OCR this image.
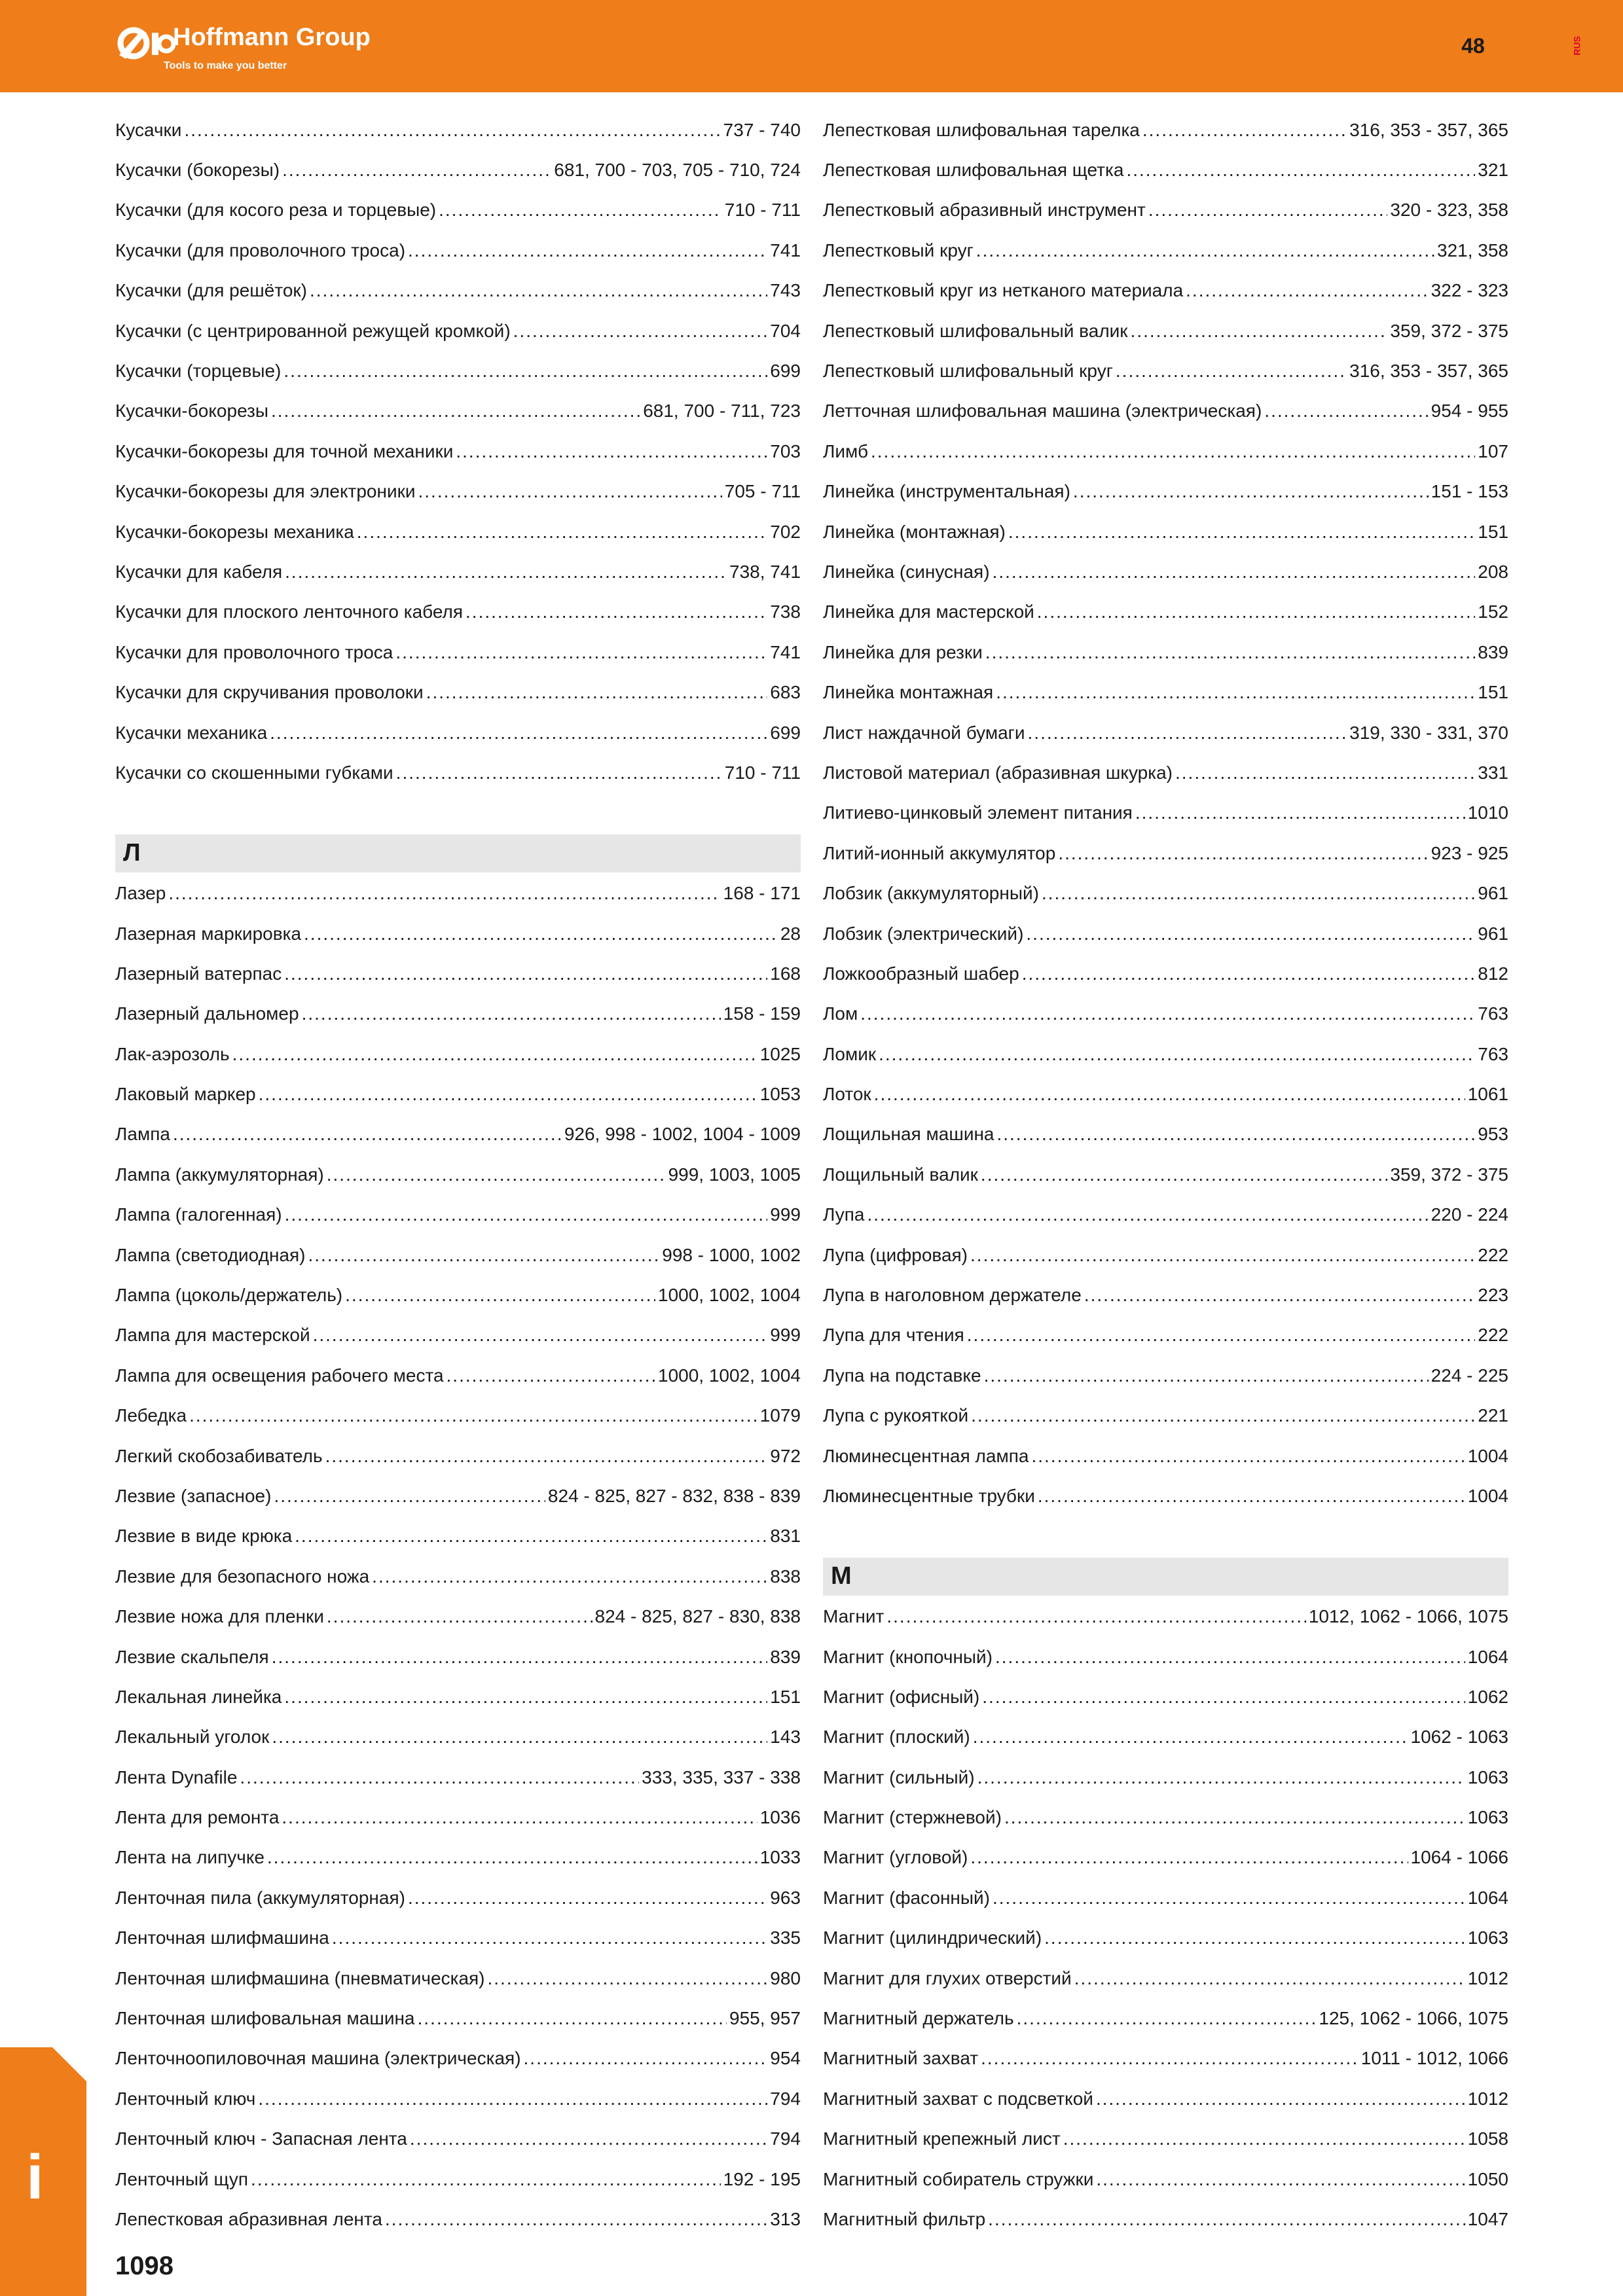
Hoffmann Group
Tools to make you better
48	RUS
Кусачки .....	737 - 740
Кусачки (бокорезы) .....	681, 700 - 703, 705 - 710, 724
Кусачки (для косого реза и торцевые) .....	710 - 711
Кусачки (для проволочного троса) .....	741
Кусачки (для решёток) .....	743
Кусачки (с центрированной режущей кромкой) .....	704
Кусачки (торцевые) .....	699
Кусачки-бокорезы .....	681, 700 - 711, 723
Кусачки-бокорезы для точной механики .....	703
Кусачки-бокорезы для электроники .....	705 - 711
Кусачки-бокорезы механика .....	702
Кусачки для кабеля .....	738, 741
Кусачки для плоского ленточного кабеля .....	738
Кусачки для проволочного троса .....	741
Кусачки для скручивания проволоки .....	683
Кусачки механика .....	699
Кусачки со скошенными губками .....	710 - 711
Л
Лазер .....	168 - 171
Лазерная маркировка .....	28
Лазерный ватерпас .....	168
Лазерный дальномер .....	158 - 159
Лак-аэрозоль .....	1025
Лаковый маркер .....	1053
Лампа .....	926, 998 - 1002, 1004 - 1009
Лампа (аккумуляторная) .....	999, 1003, 1005
Лампа (галогенная) .....	999
Лампа (светодиодная) .....	998 - 1000, 1002
Лампа (цоколь/держатель) .....	1000, 1002, 1004
Лампа для мастерской .....	999
Лампа для освещения рабочего места .....	1000, 1002, 1004
Лебедка .....	1079
Легкий скобозабиватель .....	972
Лезвие (запасное) .....	824 - 825, 827 - 832, 838 - 839
Лезвие в виде крюка .....	831
Лезвие для безопасного ножа .....	838
Лезвие ножа для пленки .....	824 - 825, 827 - 830, 838
Лезвие скальпеля .....	839
Лекальная линейка .....	151
Лекальный уголок .....	143
Лента Dynafile .....	333, 335, 337 - 338
Лента для ремонта .....	1036
Лента на липучке .....	1033
Ленточная пила (аккумуляторная) .....	963
Ленточная шлифмашина .....	335
Ленточная шлифмашина (пневматическая) .....	980
Ленточная шлифовальная машина .....	955, 957
Ленточноопиловочная машина (электрическая) .....	954
Ленточный ключ .....	794
Ленточный ключ - Запасная лента .....	794
Ленточный щуп .....	192 - 195
Лепестковая абразивная лента .....	313
Лепестковая шлифовальная тарелка .....	316, 353 - 357, 365
Лепестковая шлифовальная щетка .....	321
Лепестковый абразивный инструмент .....	320 - 323, 358
Лепестковый круг .....	321, 358
Лепестковый круг из нетканого материала .....	322 - 323
Лепестковый шлифовальный валик .....	359, 372 - 375
Лепестковый шлифовальный круг .....	316, 353 - 357, 365
Летточная шлифовальная машина (электрическая) .....	954 - 955
Лимб .....	107
Линейка (инструментальная) .....	151 - 153
Линейка (монтажная) .....	151
Линейка (синусная) .....	208
Линейка для мастерской .....	152
Линейка для резки .....	839
Линейка монтажная .....	151
Лист наждачной бумаги .....	319, 330 - 331, 370
Листовой материал (абразивная шкурка) .....	331
Литиево-цинковый элемент питания .....	1010
Литий-ионный аккумулятор .....	923 - 925
Лобзик (аккумуляторный) .....	961
Лобзик (электрический) .....	961
Ложкообразный шабер .....	812
Лом .....	763
Ломик .....	763
Лоток .....	1061
Лощильная машина .....	953
Лощильный валик .....	359, 372 - 375
Лупа .....	220 - 224
Лупа (цифровая) .....	222
Лупа в наголовном держателе .....	223
Лупа для чтения .....	222
Лупа на подставке .....	224 - 225
Лупа с рукояткой .....	221
Люминесцентная лампа .....	1004
Люминесцентные трубки .....	1004
М
Магнит .....	1012, 1062 - 1066, 1075
Магнит (кнопочный) .....	1064
Магнит (офисный) .....	1062
Магнит (плоский) .....	1062 - 1063
Магнит (сильный) .....	1063
Магнит (стержневой) .....	1063
Магнит (угловой) .....	1064 - 1066
Магнит (фасонный) .....	1064
Магнит (цилиндрический) .....	1063
Магнит для глухих отверстий .....	1012
Магнитный держатель .....	125, 1062 - 1066, 1075
Магнитный захват .....	1011 - 1012, 1066
Магнитный захват с подсветкой .....	1012
Магнитный крепежный лист .....	1058
Магнитный собиратель стружки .....	1050
Магнитный фильтр .....	1047
i
1098
